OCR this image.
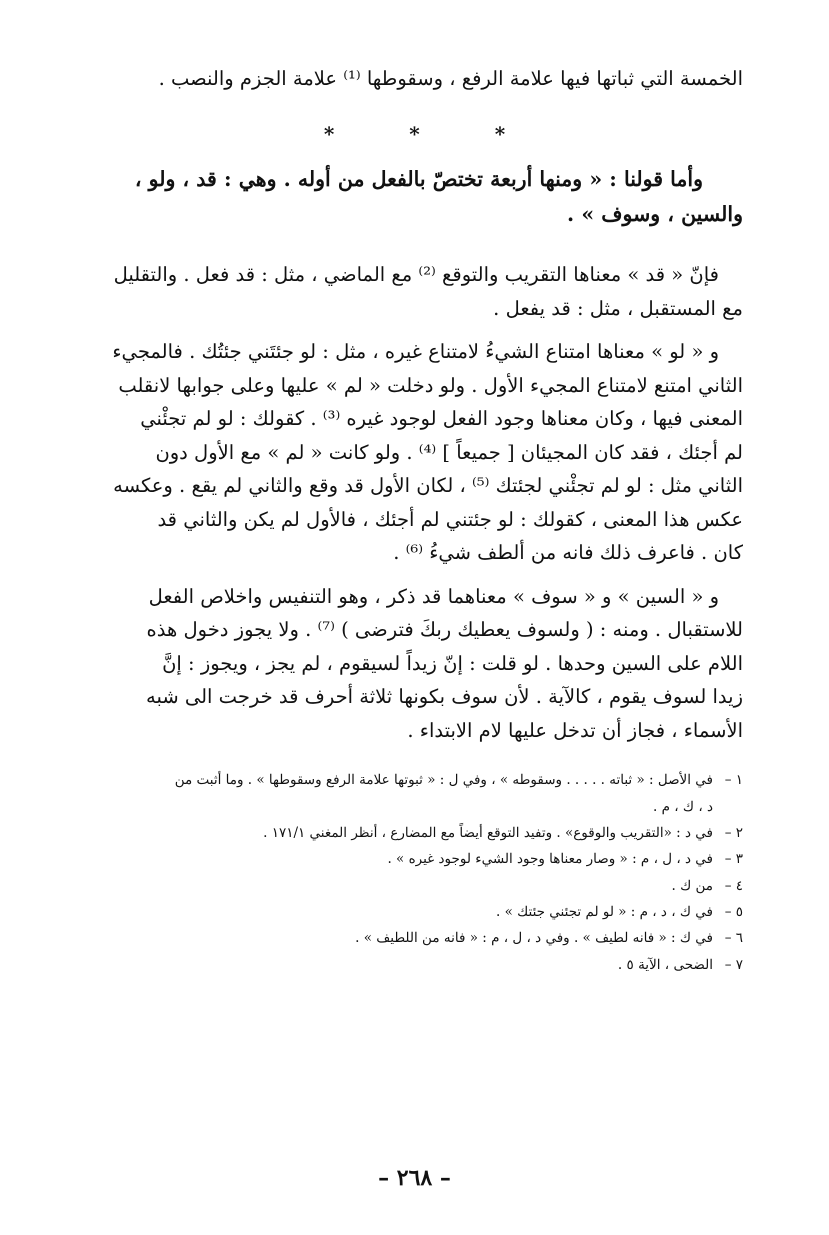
الخمسة التي ثباتها فيها علامة الرفع ، وسقوطها ⁽¹⁾ علامة الجزم والنصب .
* * *
وأما قولنا : « ومنها أربعة تختصّ بالفعل من أوله . وهي : قد ، ولو ،
والسين ، وسوف » .
فإنّ « قد » معناها التقريب والتوقع ⁽²⁾ مع الماضي ، مثل : قد فعل . والتقليل
مع المستقبل ، مثل : قد يفعل .
و « لو » معناها امتناع الشيءُ لامتناع غيره ، مثل : لو جئتَني جئتُك . فالمجيء
الثاني امتنع لامتناع المجيء الأول . ولو دخلت « لم » عليها وعلى جوابها لانقلب
المعنى فيها ، وكان معناها وجود الفعل لوجود غيره ⁽³⁾ . كقولك : لو لم تجئْني
لم أجئك ، فقد كان المجيئان [ جميعاً ] ⁽⁴⁾ . ولو كانت « لم » مع الأول دون
الثاني مثل : لو لم تجئْني لجئتك ⁽⁵⁾ ، لكان الأول قد وقع والثاني لم يقع . وعكسه
عكس هذا المعنى ، كقولك : لو جئتني لم أجئك ، فالأول لم يكن والثاني قد
كان . فاعرف ذلك فانه من ألطف شيءُ ⁽⁶⁾ .
و « السين » و « سوف » معناهما قد ذكر ، وهو التنفيس واخلاص الفعل
للاستقبال . ومنه : ( ولسوف يعطيك ربكَ فترضى ) ⁽⁷⁾ . ولا يجوز دخول هذه
اللام على السين وحدها . لو قلت : إنّ زيداً لسيقوم ، لم يجز ، ويجوز : إنَّ
زيدا لسوف يقوم ، كالآية . لأن سوف بكونها ثلاثة أحرف قد خرجت الى شبه
الأسماء ، فجاز أن تدخل عليها لام الابتداء .
١ –في الأصل : « ثباته . . . . . وسقوطه » ، وفي ل : « ثبوتها علامة الرفع وسقوطها » . وما أثبت من
د ، ك ، م .
٢ –في د : «التقريب والوقوع» . وتفيد التوقع أيضاً مع المضارع ، أنظر المغني ١٧١/١ .
٣ –في د ، ل ، م : « وصار معناها وجود الشيء لوجود غيره » .
٤ –من ك .
٥ –في ك ، د ، م : « لو لم تجئني جئتك » .
٦ –في ك : « فانه لطيف » . وفي د ، ل ، م : « فانه من اللطيف » .
٧ –الضحى ، الآية ٥ .
– ٢٦٨ –
